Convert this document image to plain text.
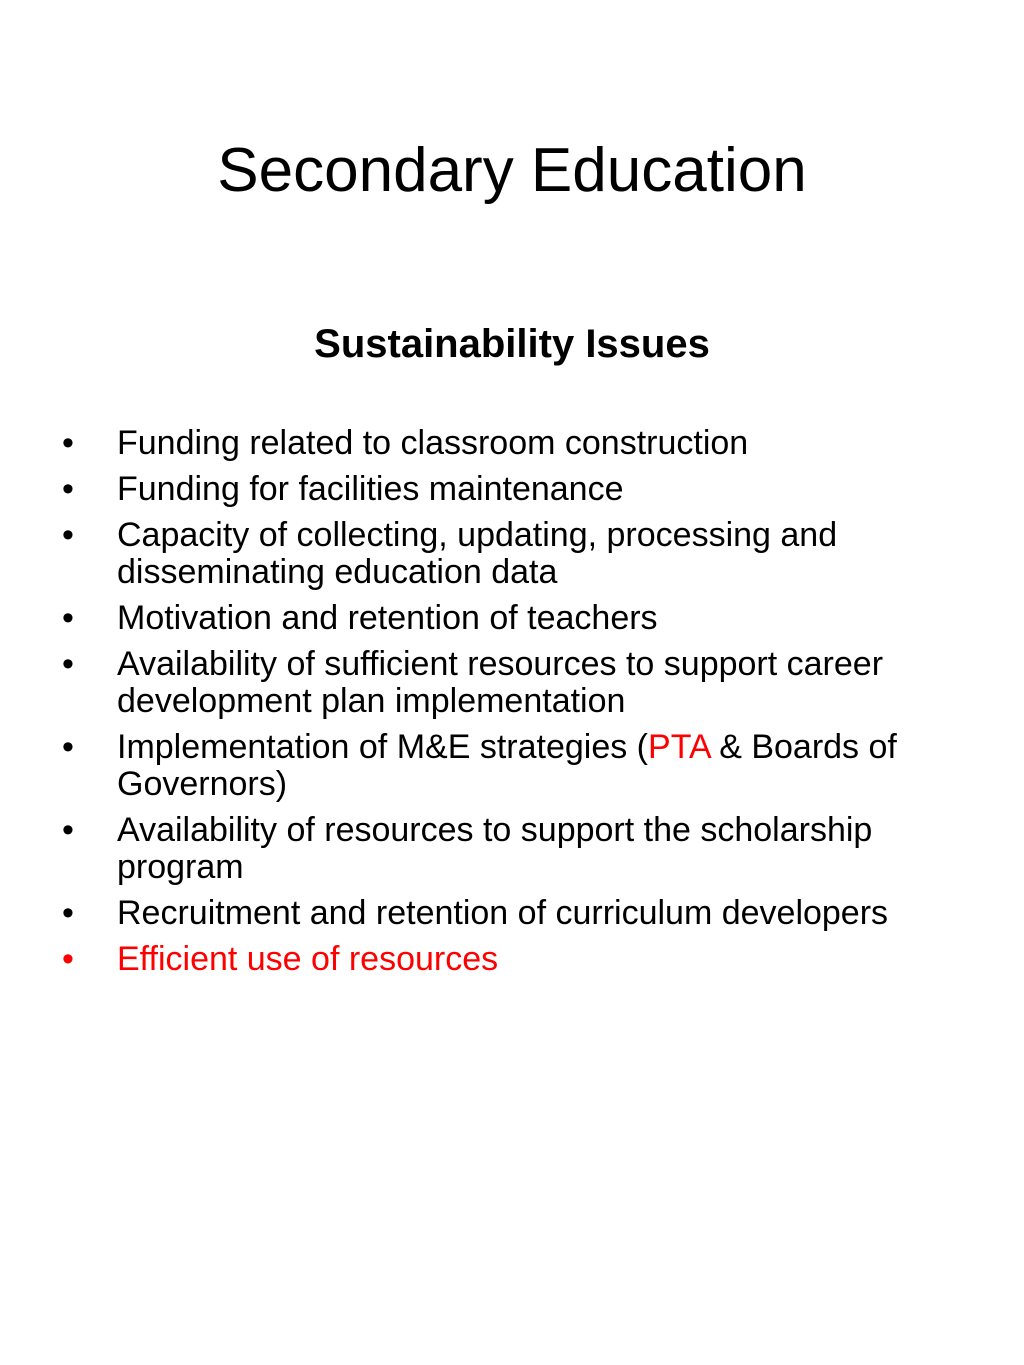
Secondary Education
Sustainability Issues
•	Funding related to classroom construction
•	Funding for facilities maintenance
•	Capacity of collecting, updating, processing and disseminating education data
•	Motivation and retention of teachers
•	Availability of sufficient resources to support career development plan implementation
•	Implementation of M&E strategies (PTA & Boards of Governors)
•	Availability of resources to support the scholarship program
•	Recruitment and retention of curriculum developers
•	Efficient use of resources
